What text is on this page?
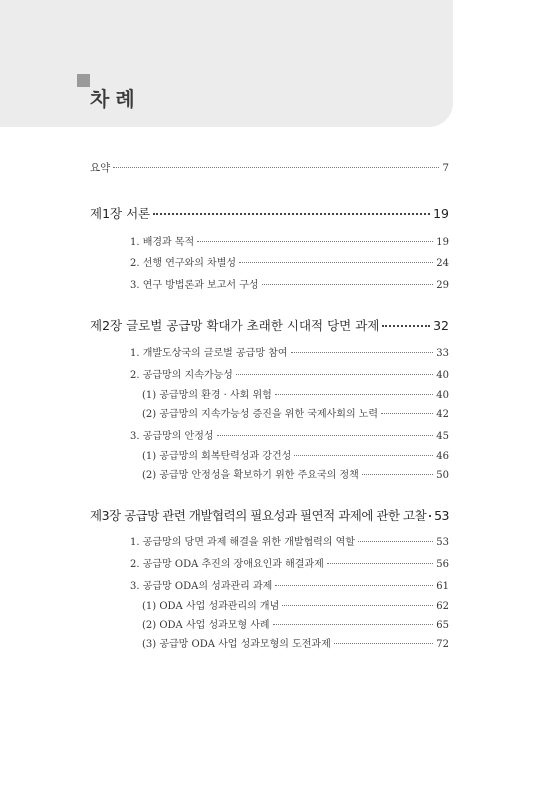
차례
요약	7
제1장 서론	19
1. 배경과 목적	19
2. 선행 연구와의 차별성	24
3. 연구 방법론과 보고서 구성	29
제2장 글로벌 공급망 확대가 초래한 시대적 당면 과제	32
1. 개발도상국의 글로벌 공급망 참여	33
2. 공급망의 지속가능성	40
(1) 공급망의 환경 · 사회 위험	40
(2) 공급망의 지속가능성 증진을 위한 국제사회의 노력	42
3. 공급망의 안정성	45
(1) 공급망의 회복탄력성과 강건성	46
(2) 공급망 안정성을 확보하기 위한 주요국의 정책	50
제3장 공급망 관련 개발협력의 필요성과 필연적 과제에 관한 고찰 53
1. 공급망의 당면 과제 해결을 위한 개발협력의 역할	53
2. 공급망 ODA 추진의 장애요인과 해결과제	56
3. 공급망 ODA의 성과관리 과제	61
(1) ODA 사업 성과관리의 개념	62
(2) ODA 사업 성과모형 사례	65
(3) 공급망 ODA 사업 성과모형의 도전과제	72
